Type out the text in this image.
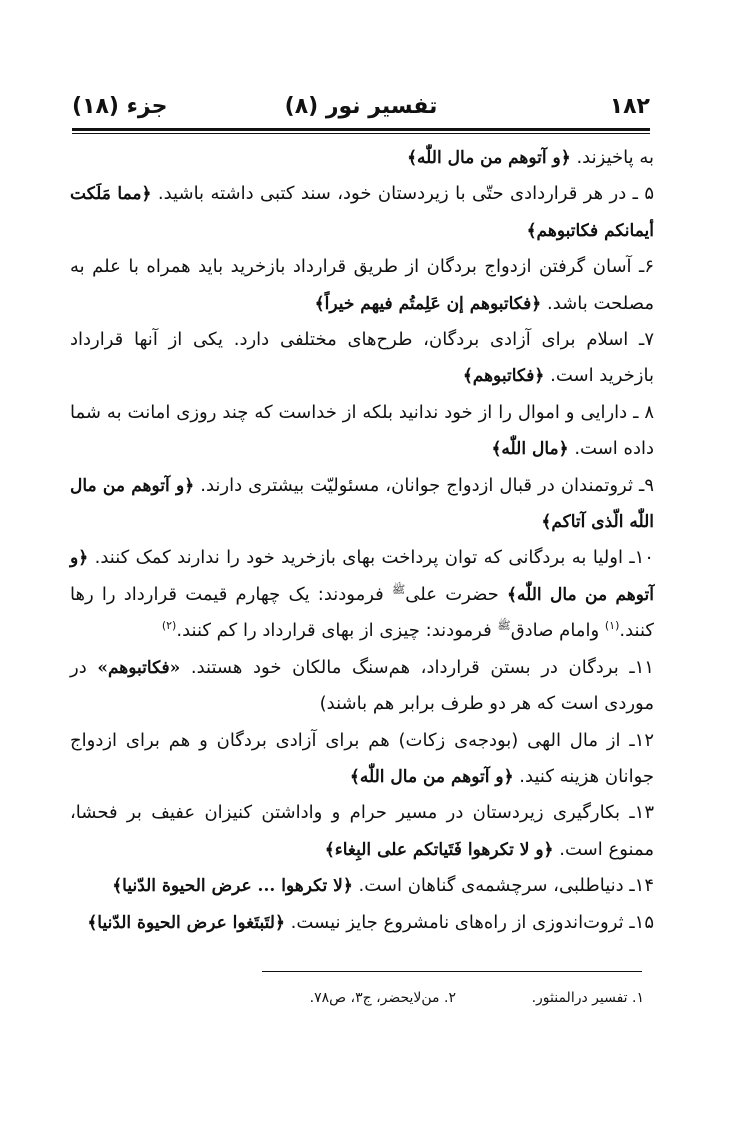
۱۸۲
تفسیر نور (۸)
جزء (۱۸)

به پاخیزند. ﴿و آتوهم من مال اللّٰه﴾

۵ ـ در هر قراردادی حتّی با زیردستان خود، سند کتبی داشته باشید. ﴿مما مَلَکت أیمانکم فکاتبوهم﴾

۶ـ آسان گرفتن ازدواج بردگان از طریق قرارداد بازخرید باید همراه با علم به مصلحت باشد. ﴿فکاتبوهم إن عَلِمتُم فیهم خیراً﴾

۷ـ اسلام برای آزادی بردگان، طرح‌های مختلفی دارد. یکی از آنها قرارداد بازخرید است. ﴿فکاتبوهم﴾

۸ ـ دارایی و اموال را از خود ندانید بلکه از خداست که چند روزی امانت به شما داده است. ﴿مال اللّٰه﴾

۹ـ ثروتمندان در قبال ازدواج جوانان، مسئولیّت بیشتری دارند. ﴿و آتوهم من مال اللّٰه الّذی آتاکم﴾

۱۰ـ اولیا به بردگانی که توان پرداخت بهای بازخرید خود را ندارند کمک کنند. ﴿و آتوهم من مال اللّٰه﴾ حضرت علی$^ﷺ$ فرمودند: یک چهارم قیمت قرارداد را رها کنند.$^{(۱)}$ وامام صادق$^ﷺ$ فرمودند: چیزی از بهای قرارداد را کم کنند.$^{(۲)}$

۱۱ـ بردگان در بستن قرارداد، هم‌سنگ مالکان خود هستند. «فکاتبوهم» در موردی است که هر دو طرف برابر هم باشند)

۱۲ـ از مال الهی (بودجه‌ی زکات) هم برای آزادی بردگان و هم برای ازدواج جوانان هزینه کنید. ﴿و آتوهم من مال اللّٰه﴾

۱۳ـ بکارگیری زیردستان در مسیر حرام و واداشتن کنیزان عفیف بر فحشا، ممنوع است. ﴿و لا تکرهوا فَتَیاتکم علی البِغاء﴾

۱۴ـ دنیاطلبی، سرچشمه‌ی گناهان است. ﴿لا تکرهوا ... عرض الحیوة الدّنیا﴾

۱۵ـ ثروت‌اندوزی از راه‌های نامشروع جایز نیست. ﴿لتَبتَغوا عرض الحیوة الدّنیا﴾

۱. تفسیر درالمنثور.
۲. من‌لایحضر، ج۳، ص۷۸.
